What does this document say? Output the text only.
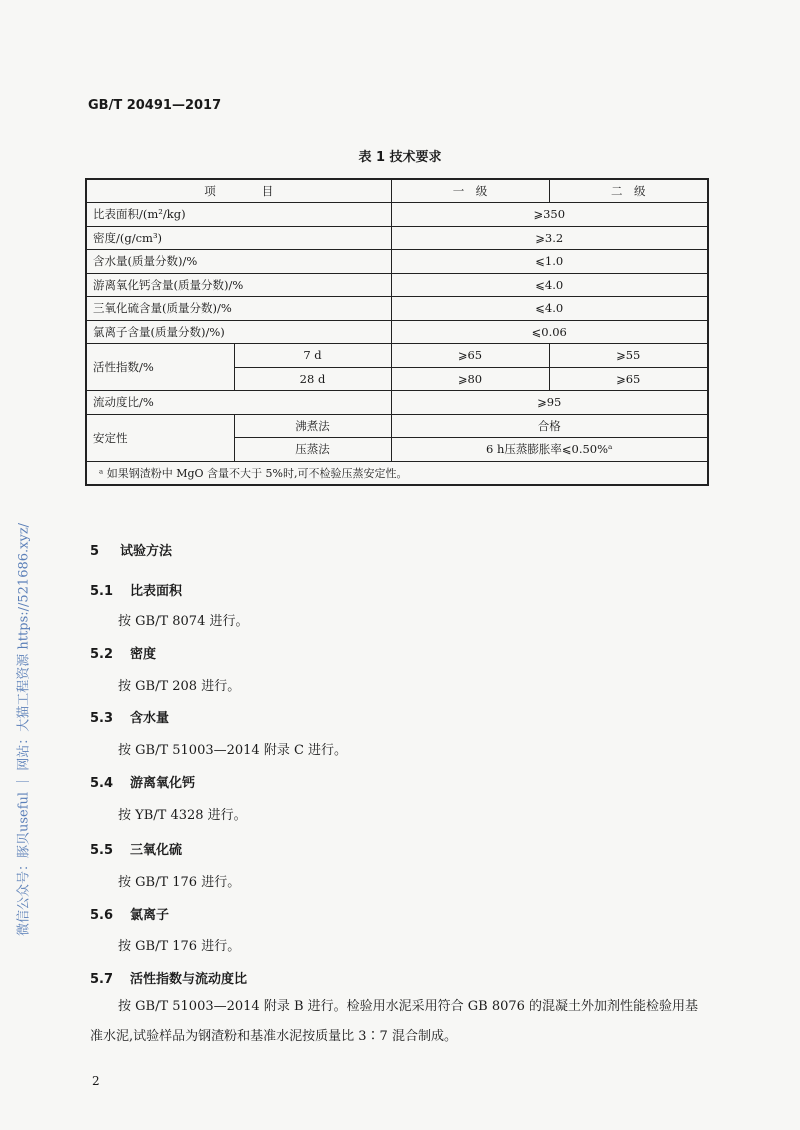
GB/T 20491—2017
表 1 技术要求
项　　　　目		一　级	二　级
比表面积/(m²/kg)		⩾350	
密度/(g/cm³)		⩾3.2	
含水量(质量分数)/%		⩽1.0	
游离氧化钙含量(质量分数)/%		⩽4.0	
三氧化硫含量(质量分数)/%		⩽4.0	
氯离子含量(质量分数)/%)		⩽0.06	
活性指数/%	7 d	⩾65	⩾55
	28 d	⩾80	⩾65
流动度比/%		⩾95	
安定性	沸煮法	合格	
	压蒸法	6 h压蒸膨胀率⩽0.50%ᵃ	
ᵃ 如果钢渣粉中 MgO 含量不大于 5%时,可不检验压蒸安定性。			
5 试验方法
5.1 比表面积
按 GB/T 8074 进行。
5.2 密度
按 GB/T 208 进行。
5.3 含水量
按 GB/T 51003—2014 附录 C 进行。
5.4 游离氧化钙
按 YB/T 4328 进行。
5.5 三氧化硫
按 GB/T 176 进行。
5.6 氯离子
按 GB/T 176 进行。
5.7 活性指数与流动度比
按 GB/T 51003—2014 附录 B 进行。检验用水泥采用符合 GB 8076 的混凝土外加剂性能检验用基准水泥,试验样品为钢渣粉和基准水泥按质量比 3∶7 混合制成。
2
微信公众号：豚贝useful ｜ 网站：大猫工程资源 https://521686.xyz/
